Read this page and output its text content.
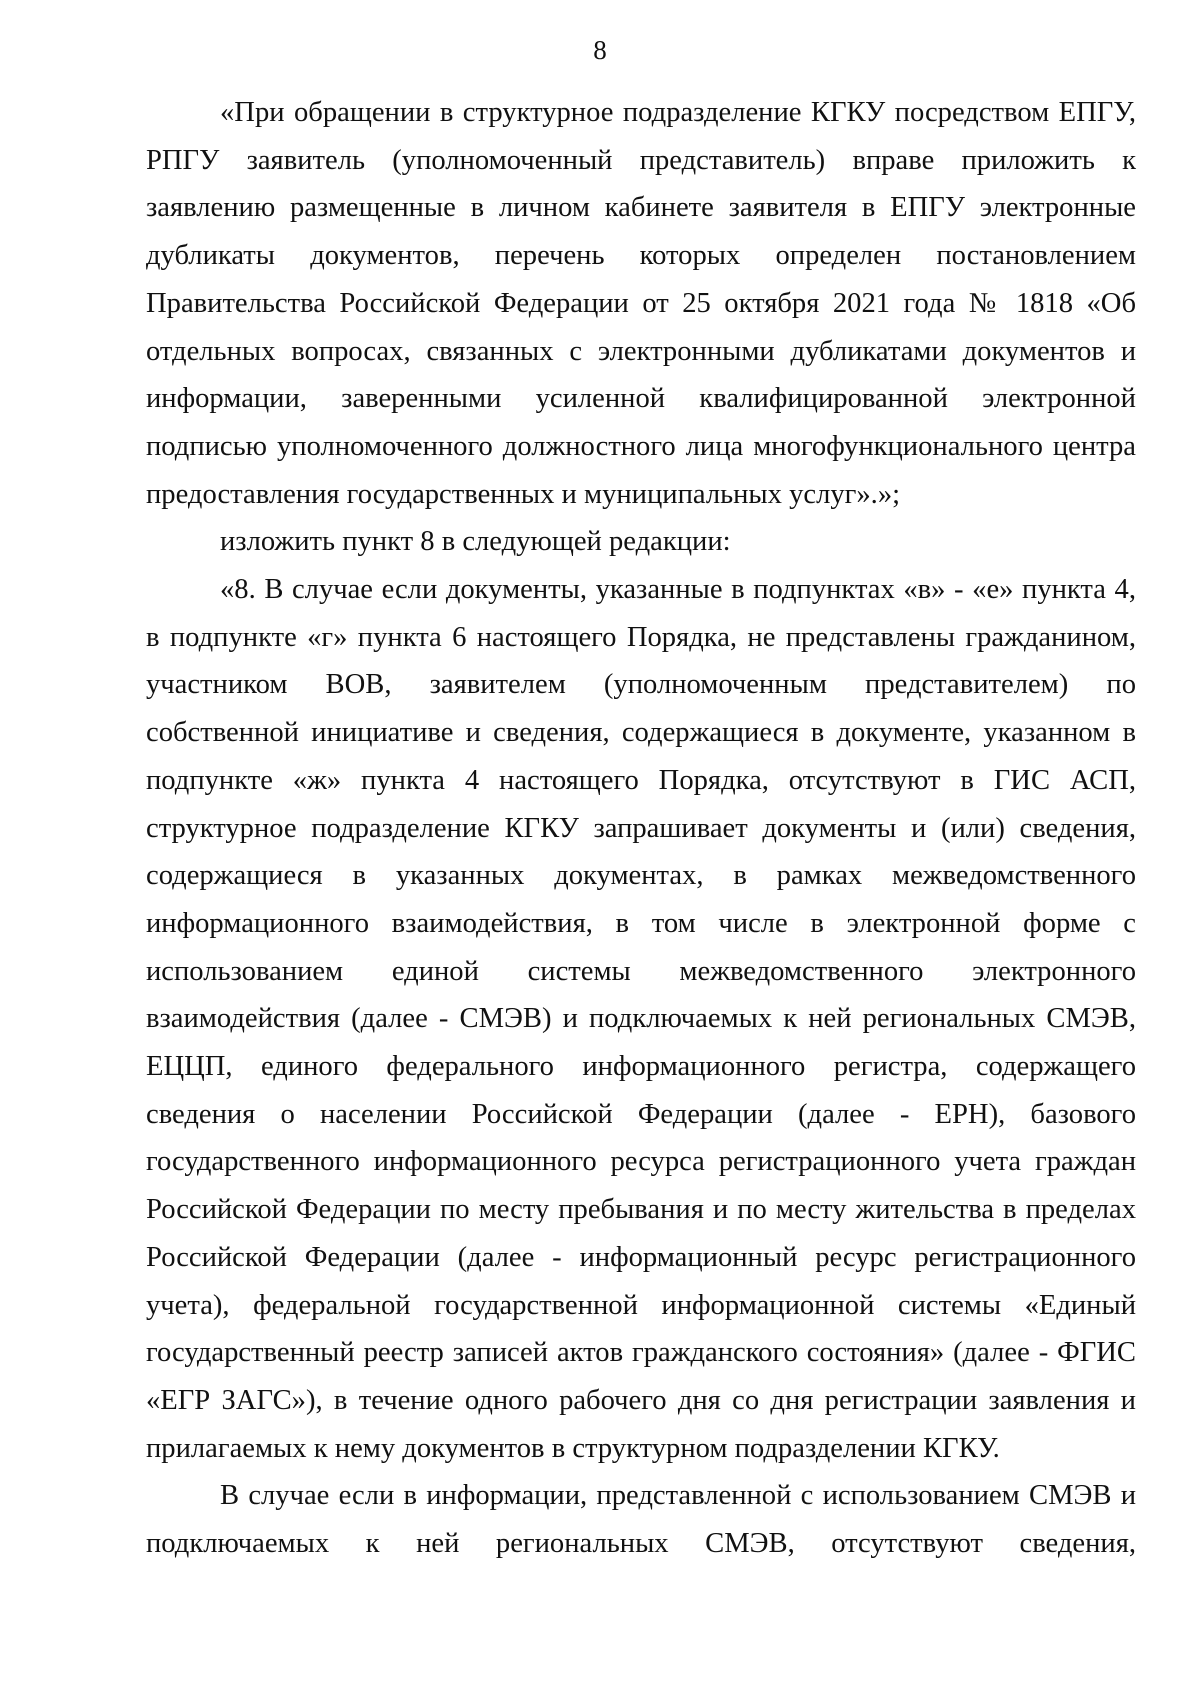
8

«При обращении в структурное подразделение КГКУ посредством ЕПГУ, РПГУ заявитель (уполномоченный представитель) вправе приложить к заявлению размещенные в личном кабинете заявителя в ЕПГУ электронные дубликаты документов, перечень которых определен постановлением Правительства Российской Федерации от 25 октября 2021 года № 1818 «Об отдельных вопросах, связанных с электронными дубликатами документов и информации, заверенными усиленной квалифицированной электронной подписью уполномоченного должностного лица многофункционального центра предоставления государственных и муниципальных услуг».»;

изложить пункт 8 в следующей редакции:

«8. В случае если документы, указанные в подпунктах «в» - «е» пункта 4, в подпункте «г» пункта 6 настоящего Порядка, не представлены гражданином, участником ВОВ, заявителем (уполномоченным представителем) по собственной инициативе и сведения, содержащиеся в документе, указанном в подпункте «ж» пункта 4 настоящего Порядка, отсутствуют в ГИС АСП, структурное подразделение КГКУ запрашивает документы и (или) сведения, содержащиеся в указанных документах, в рамках межведомственного информационного взаимодействия, в том числе в электронной форме с использованием единой системы межведомственного электронного взаимодействия (далее - СМЭВ) и подключаемых к ней региональных СМЭВ, ЕЦЦП, единого федерального информационного регистра, содержащего сведения о населении Российской Федерации (далее - ЕРН), базового государственного информационного ресурса регистрационного учета граждан Российской Федерации по месту пребывания и по месту жительства в пределах Российской Федерации (далее - информационный ресурс регистрационного учета), федеральной государственной информационной системы «Единый государственный реестр записей актов гражданского состояния» (далее - ФГИС «ЕГР ЗАГС»), в течение одного рабочего дня со дня регистрации заявления и прилагаемых к нему документов в структурном подразделении КГКУ.

В случае если в информации, представленной с использованием СМЭВ и подключаемых к ней региональных СМЭВ, отсутствуют сведения,
